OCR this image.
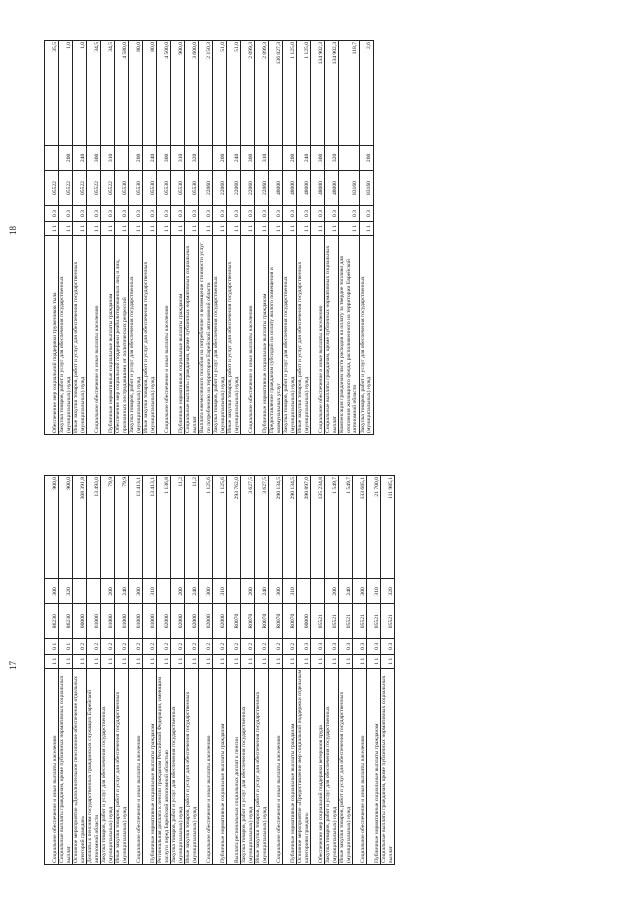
17
Социальное обеспечение и иные выплаты населению	1 1	0 1	86230	300	900,0
Социальные выплаты гражданам, кроме публичных нормативных социальных выплат	1 1	0 1	86230	320	900,0
Основное мероприятие «Дополнительное пенсионное обеспечение отдельных категорий граждан»	1 1	0 2	00000		308 391,8
Доплаты к пенсиям государственных гражданских служащих Еврейской автономной области	1 1	0 2	01000		13 493,0
Закупка товаров, работ и услуг для обеспечения государственных (муниципальных) нужд	1 1	0 2	01000	200	79,9
Иные закупки товаров, работ и услуг для обеспечения государственных (муниципальных) нужд	1 1	0 2	01000	240	79,9
Социальное обеспечение и иные выплаты населению	1 1	0 2	01000	300	13 413,1
Публичные нормативные социальные выплаты гражданам	1 1	0 2	01000	310	13 413,1
Региональная доплата к пенсии гражданам Российской Федерации, имеющим заслуги перед Еврейской автономной областью	1 1	0 2	02000		1 136,8
Закупка товаров, работ и услуг для обеспечения государственных (муниципальных) нужд	1 1	0 2	02000	200	11,2
Иные закупки товаров, работ и услуг для обеспечения государственных (муниципальных) нужд	1 1	0 2	02000	240	11,2
Социальное обеспечение и иные выплаты населению	1 1	0 2	02000	300	1 125,6
Публичные нормативные социальные выплаты гражданам	1 1	0 2	02000	310	1 125,6
Выплата региональных социальных доплат к пенсии	1 1	0 2	R0070		293 762,0
Закупка товаров, работ и услуг для обеспечения государственных (муниципальных) нужд	1 1	0 2	R0070	200	3 627,5
Иные закупки товаров, работ и услуг для обеспечения государственных (муниципальных) нужд	1 1	0 2	R0070	240	3 627,5
Социальное обеспечение и иные выплаты населению	1 1	0 2	R0070	300	290 134,5
Публичные нормативные социальные выплаты гражданам	1 1	0 2	R0070	310	290 134,5
Основное мероприятие «Предоставление мер социальной поддержки отдельным категориям граждан»	1 1	0 3	00000		390 897,0
Обеспечение мер социальной поддержки ветеранов труда	1 1	0 3	05521		135 234,8
Закупка товаров, работ и услуг для обеспечения государственных (муниципальных) нужд	1 1	0 3	05521	200	1 549,7
Иные закупки товаров, работ и услуг для обеспечения государственных (муниципальных) нужд	1 1	0 3	05521	240	1 549,7
Социальное обеспечение и иные выплаты населению	1 1	0 3	05521	300	133 685,1
Публичные нормативные социальные выплаты гражданам	1 1	0 3	05521	310	21 700,0
Социальные выплаты гражданам, кроме публичных нормативных социальных выплат	1 1	0 3	05521	320	111 985,1
18
Обеспечение мер социальной поддержки тружеников тыла	1 1	0 3	05522		35,5
Закупка товаров, работ и услуг для обеспечения государственных (муниципальных) нужд	1 1	0 3	05522	200	1,0
Иные закупки товаров, работ и услуг для обеспечения государственных (муниципальных) нужд	1 1	0 3	05522	240	1,0
Социальное обеспечение и иные выплаты населению	1 1	0 3	05522	300	34,5
Публичные нормативные социальные выплаты гражданам	1 1	0 3	05522	310	34,5
Обеспечение мер социальной поддержки реабилитированных лиц и лиц, признанных пострадавшими от политических репрессий	1 1	0 3	05530		4 580,0
Закупка товаров, работ и услуг для обеспечения государственных (муниципальных) нужд	1 1	0 3	05530	200	80,0
Иные закупки товаров, работ и услуг для обеспечения государственных (муниципальных) нужд	1 1	0 3	05530	240	80,0
Социальное обеспечение и иные выплаты населению	1 1	0 3	05530	300	4 500,0
Публичные нормативные социальные выплаты гражданам	1 1	0 3	05530	310	900,0
Социальные выплаты гражданам, кроме публичных нормативных социальных выплат	1 1	0 3	05530	320	3 600,0
Выплата ежемесячного пособия на потребление и возмещение стоимости услуг по потреблению на территории Еврейской автономной области	1 1	0 3	22060		2 150,3
Закупка товаров, работ и услуг для обеспечения государственных (муниципальных) нужд	1 1	0 3	22060	200	51,0
Иные закупки товаров, работ и услуг для обеспечения государственных (муниципальных) нужд	1 1	0 3	22060	240	51,0
Социальное обеспечение и иные выплаты населению	1 1	0 3	22060	300	2 099,3
Публичные нормативные социальные выплаты гражданам	1 1	0 3	22060	310	2 099,3
Предоставление гражданам субсидий на оплату жилого помещения и коммунальных услуг	1 1	0 3	48000		136 027,3
Закупка товаров, работ и услуг для обеспечения государственных (муниципальных) нужд	1 1	0 3	48000	200	1 125,0
Иные закупки товаров, работ и услуг для обеспечения государственных (муниципальных) нужд	1 1	0 3	48000	240	1 125,0
Социальное обеспечение и иные выплаты населению	1 1	0 3	48000	300	134 902,3
Социальные выплаты гражданам, кроме публичных нормативных социальных выплат	1 1	0 3	48000	320	134 902,3
Компенсация гражданам части расходов на оплату за твердое топливо для отопления жилищного фонда, расположенного на территории Еврейской автономной области	1 1	0 3	83160		118,7
Закупка товаров, работ и услуг для обеспечения государственных (муниципальных) нужд	1 1	0 3	83160	200	2,6
